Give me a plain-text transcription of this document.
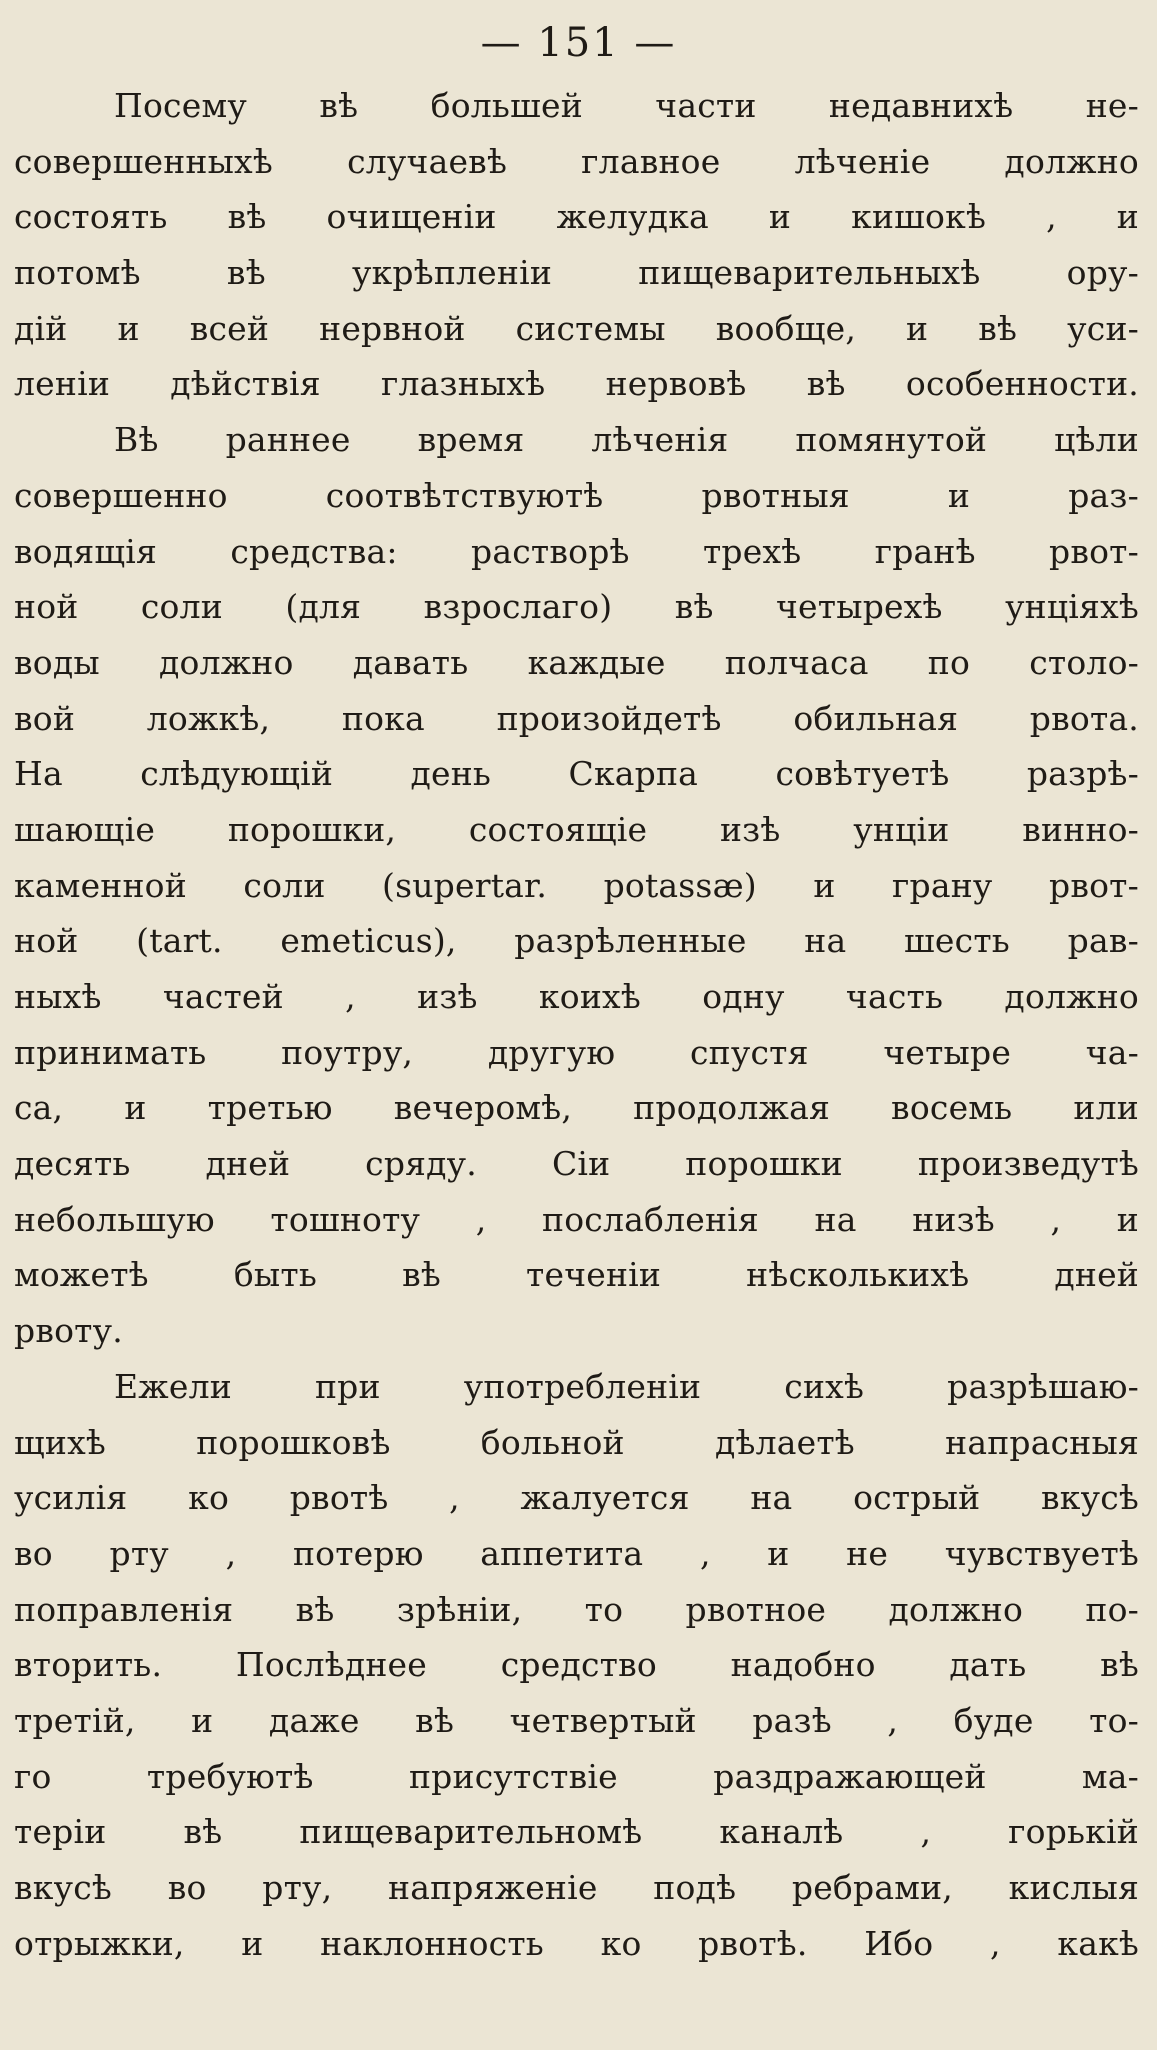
— 151 —
Посему вѣ большей части недавнихѣ не-
совершенныхѣ случаевѣ главное лѣченіе должно
состоять вѣ очищеніи желудка и кишокѣ , и
потомѣ вѣ укрѣпленіи пищеварительныхѣ ору-
дій и всей нервной системы вообще, и вѣ уси-
леніи дѣйствія глазныхѣ нервовѣ вѣ особенности.
Вѣ раннее время лѣченія помянутой цѣли
совершенно соотвѣтствуютѣ рвотныя и раз-
водящія средства: растворѣ трехѣ гранѣ рвот-
ной соли (для взрослаго) вѣ четырехѣ унціяхѣ
воды должно давать каждые полчаса по столо-
вой ложкѣ, пока произойдетѣ обильная рвота.
На слѣдующій день Скарпа совѣтуетѣ разрѣ-
шающіе порошки, состоящіе изѣ унціи винно-
каменной соли (supertar. potassæ) и грану рвот-
ной (tart. emeticus), разрѣленные на шесть рав-
ныхѣ частей , изѣ коихѣ одну часть должно
принимать поутру, другую спустя четыре ча-
са, и третью вечеромѣ, продолжая восемь или
десять дней сряду. Сіи порошки произведутѣ
небольшую тошноту , послабленія на низѣ , и
можетѣ быть вѣ теченіи нѣсколькихѣ дней
рвоту.
Ежели при употребленіи сихѣ разрѣшаю-
щихѣ порошковѣ больной дѣлаетѣ напрасныя
усилія ко рвотѣ , жалуется на острый вкусѣ
во рту , потерю аппетита , и не чувствуетѣ
поправленія вѣ зрѣніи, то рвотное должно по-
вторить. Послѣднее средство надобно дать вѣ
третій, и даже вѣ четвертый разѣ , буде то-
го требуютѣ присутствіе раздражающей ма-
теріи вѣ пищеварительномѣ каналѣ , горькій
вкусѣ во рту, напряженіе подѣ ребрами, кислыя
отрыжки, и наклонность ко рвотѣ. Ибо , какѣ
